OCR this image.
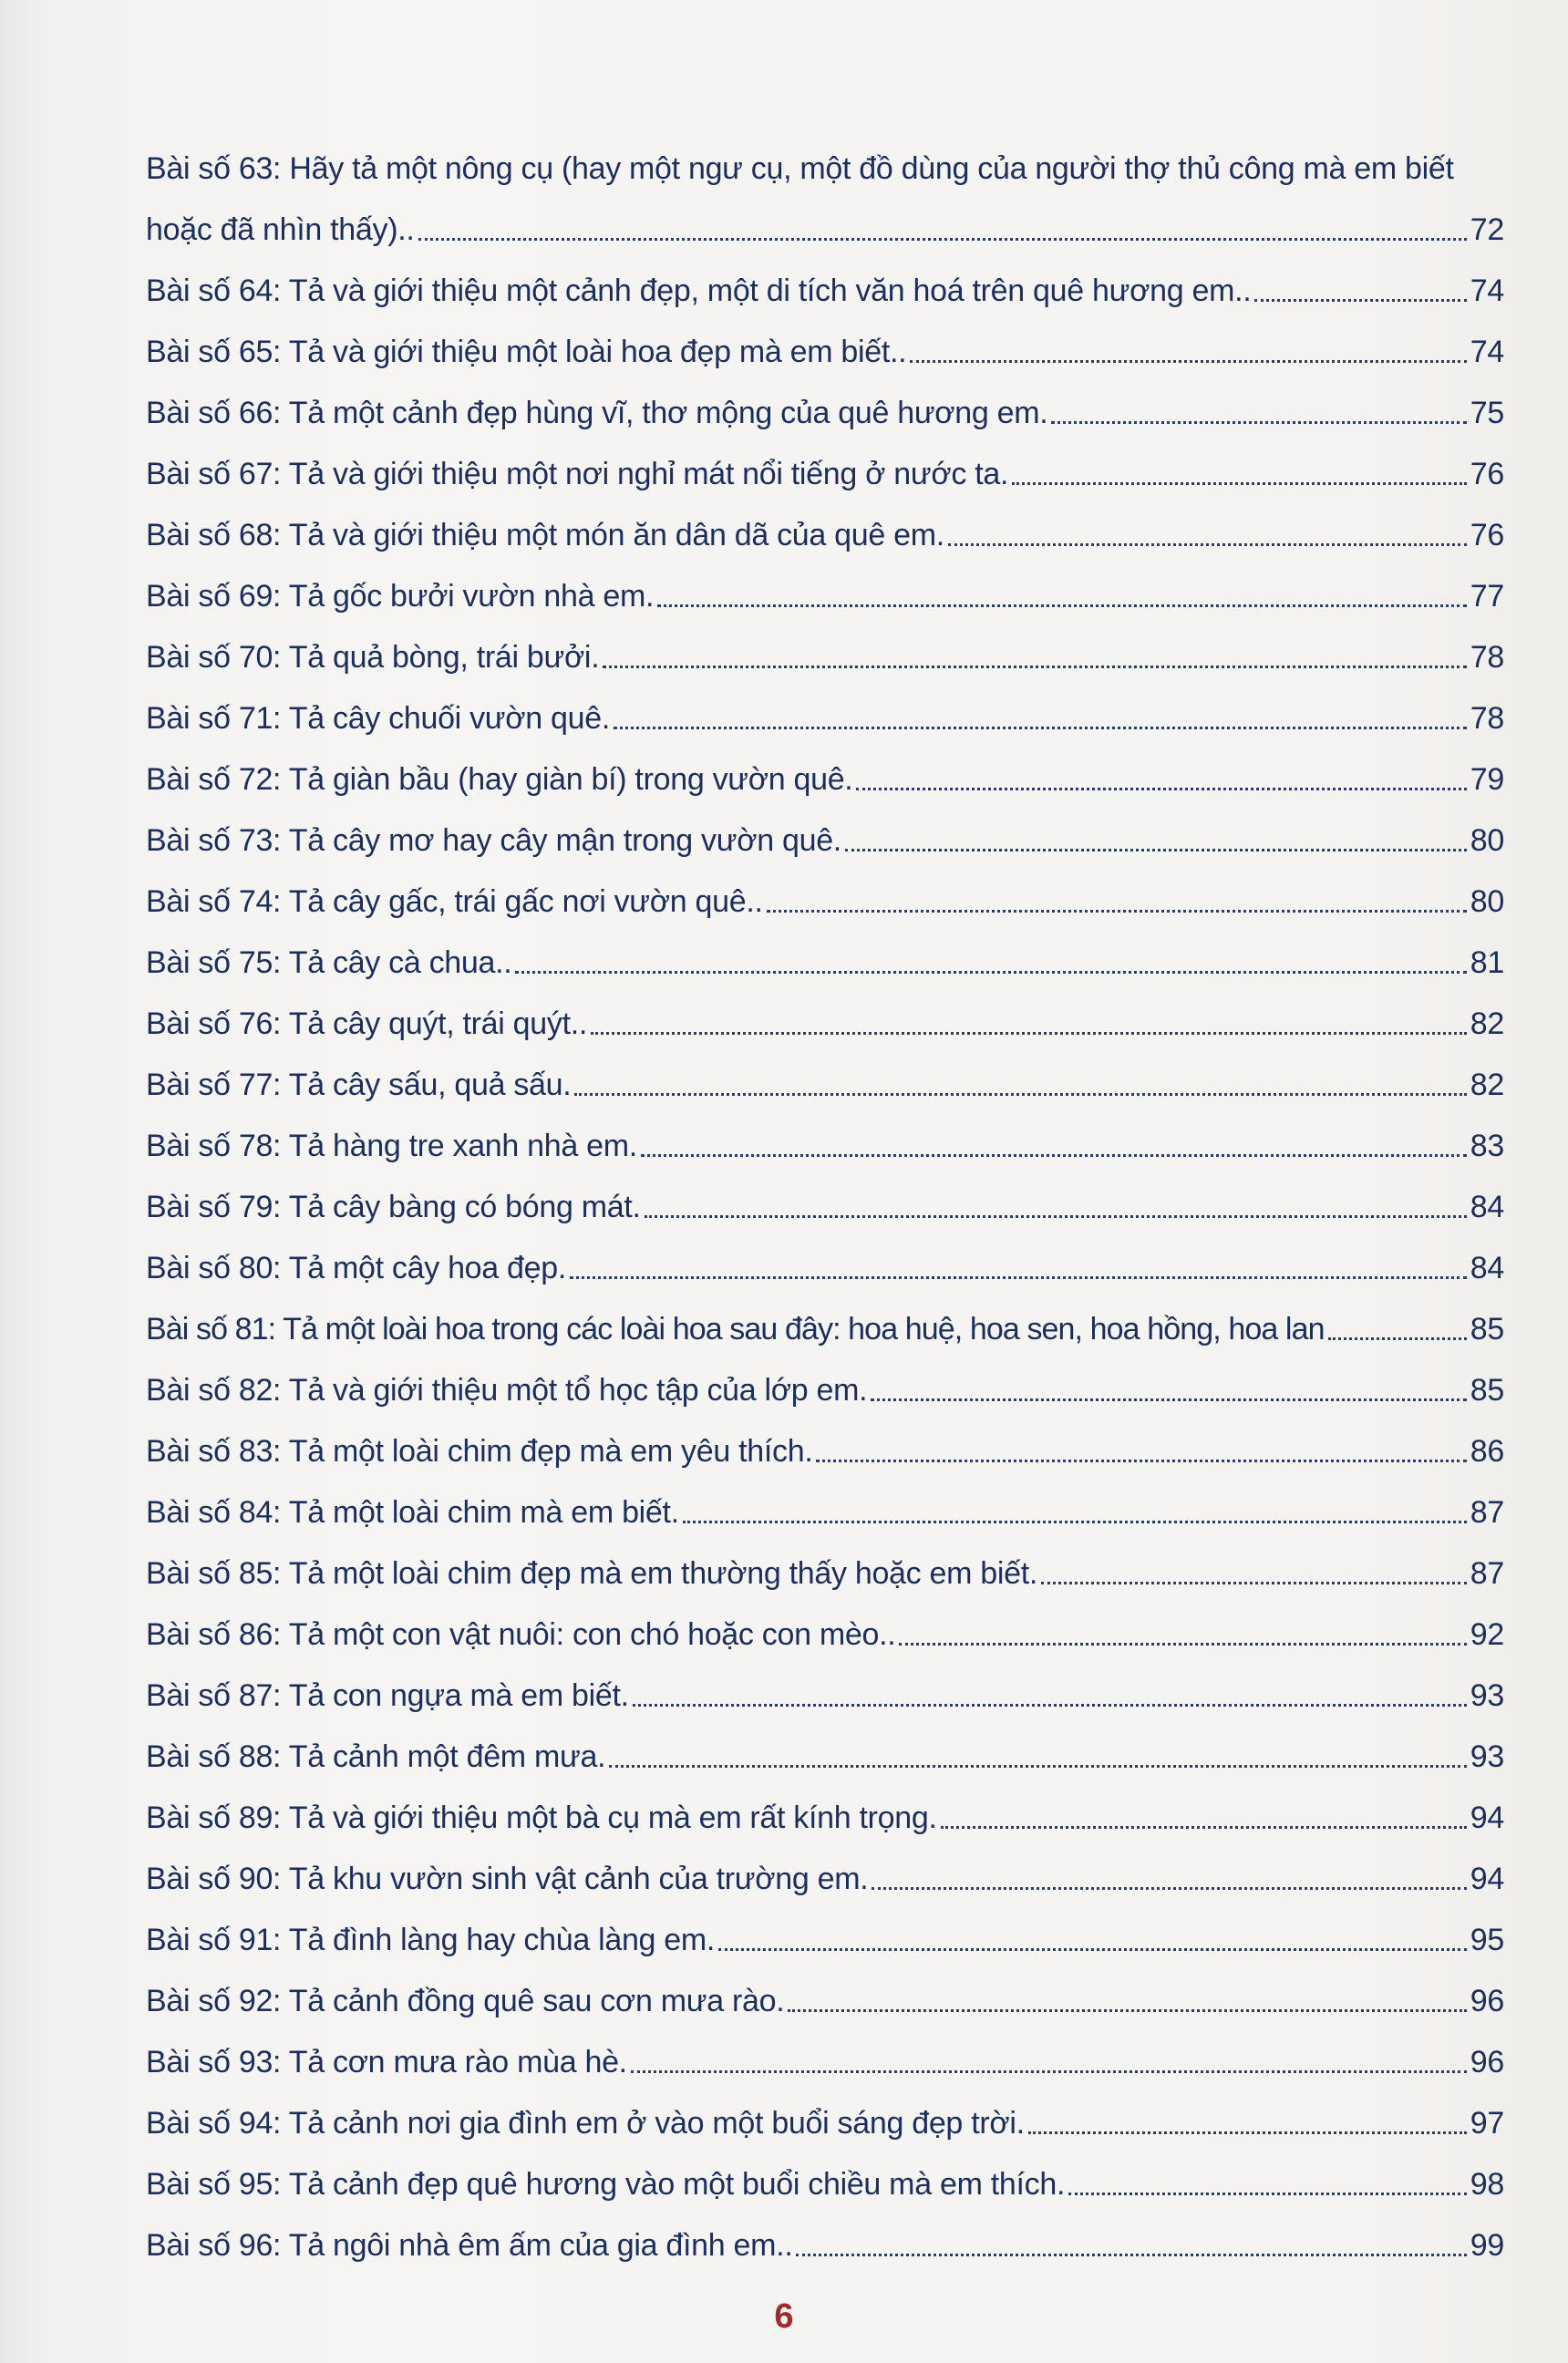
Bài số 63: Hãy tả một nông cụ (hay một ngư cụ, một đồ dùng của người thợ thủ công mà em biết
hoặc đã nhìn thấy)..	72
Bài số 64: Tả và giới thiệu một cảnh đẹp, một di tích văn hoá trên quê hương em..	74
Bài số 65: Tả và giới thiệu một loài hoa đẹp mà em biết..	74
Bài số 66: Tả một cảnh đẹp hùng vĩ, thơ mộng của quê hương em.	75
Bài số 67: Tả và giới thiệu một nơi nghỉ mát nổi tiếng ở nước ta.	76
Bài số 68: Tả và giới thiệu một món ăn dân dã của quê em.	76
Bài số 69: Tả gốc bưởi vườn nhà em.	77
Bài số 70: Tả quả bòng, trái bưởi.	78
Bài số 71: Tả cây chuối vườn quê.	78
Bài số 72: Tả giàn bầu (hay giàn bí) trong vườn quê.	79
Bài số 73: Tả cây mơ hay cây mận trong vườn quê.	80
Bài số 74: Tả cây gấc, trái gấc nơi vườn quê..	80
Bài số 75: Tả cây cà chua..	81
Bài số 76: Tả cây quýt, trái quýt..	82
Bài số 77: Tả cây sấu, quả sấu.	82
Bài số 78: Tả hàng tre xanh nhà em.	83
Bài số 79: Tả cây bàng có bóng mát.	84
Bài số 80: Tả một cây hoa đẹp.	84
Bài số 81: Tả một loài hoa trong các loài hoa sau đây: hoa huệ, hoa sen, hoa hồng, hoa lan	85
Bài số 82: Tả và giới thiệu một tổ học tập của lớp em.	85
Bài số 83: Tả một loài chim đẹp mà em yêu thích.	86
Bài số 84: Tả một loài chim mà em biết.	87
Bài số 85: Tả một loài chim đẹp mà em thường thấy hoặc em biết.	87
Bài số 86: Tả một con vật nuôi: con chó hoặc con mèo..	92
Bài số 87: Tả con ngựa mà em biết.	93
Bài số 88: Tả cảnh một đêm mưa.	93
Bài số 89: Tả và giới thiệu một bà cụ mà em rất kính trọng.	94
Bài số 90: Tả khu vườn sinh vật cảnh của trường em.	94
Bài số 91: Tả đình làng hay chùa làng em.	95
Bài số 92: Tả cảnh đồng quê sau cơn mưa rào.	96
Bài số 93: Tả cơn mưa rào mùa hè.	96
Bài số 94: Tả cảnh nơi gia đình em ở vào một buổi sáng đẹp trời.	97
Bài số 95: Tả cảnh đẹp quê hương vào một buổi chiều mà em thích.	98
Bài số 96: Tả ngôi nhà êm ấm của gia đình em..	99
6
